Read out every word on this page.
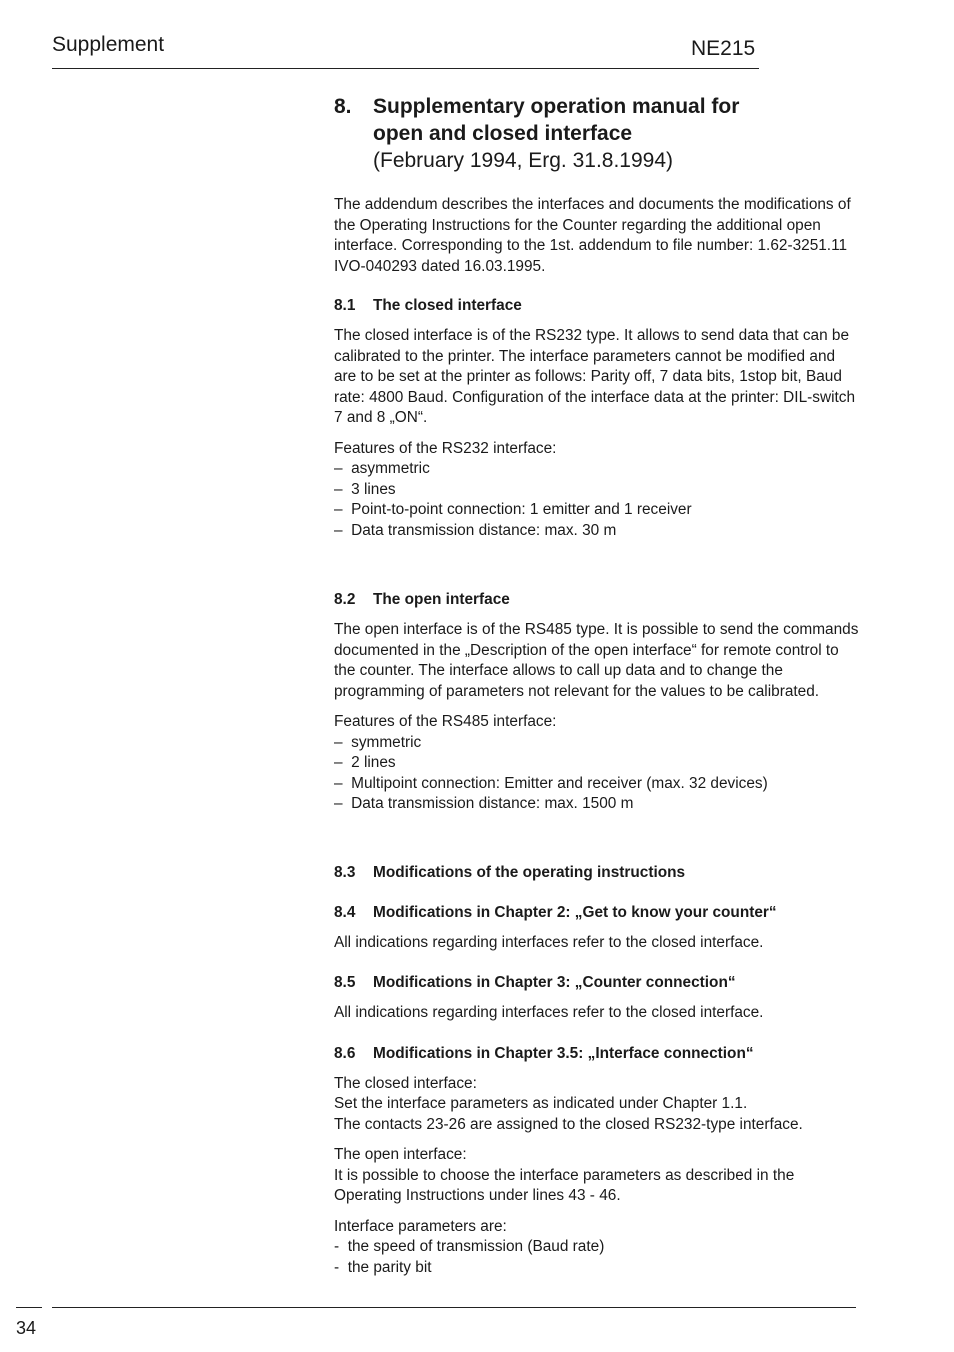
Supplement	NE215
8.	Supplementary operation manual for
open and closed interface
(February 1994, Erg. 31.8.1994)

The addendum describes the interfaces and documents the modifications of the Operating Instructions for the Counter regarding the additional open interface. Corresponding to the 1st. addendum to file number: 1.62-3251.11 IVO-040293 dated 16.03.1995.

8.1	The closed interface

The closed interface is of the RS232 type. It allows to send data that can be calibrated to the printer. The interface parameters cannot be modified and are to be set at the printer as follows: Parity off, 7 data bits, 1stop bit, Baud rate: 4800 Baud. Configuration of the interface data at the printer: DIL-switch 7 and 8 „ON“.

Features of the RS232 interface:

–  asymmetric
–  3 lines
–  Point-to-point connection: 1 emitter and 1 receiver
–  Data transmission distance: max. 30 m
8.2	The open interface

The open interface is of the RS485 type. It is possible to send the commands documented in the „Description of the open interface“ for remote control to the counter. The interface allows to call up data and to change the programming of parameters not relevant for the values to be calibrated.

Features of the RS485 interface:

–  symmetric
–  2 lines
–  Multipoint connection: Emitter and receiver (max. 32 devices)
–  Data transmission distance: max. 1500 m
8.3	Modifications of the operating instructions
8.4	Modifications in Chapter 2: „Get to know your counter“

All indications regarding interfaces refer to the closed interface.

8.5	Modifications in Chapter 3: „Counter connection“

All indications regarding interfaces refer to the closed interface.

8.6	Modifications in Chapter 3.5: „Interface connection“
The closed interface:
Set the interface parameters as indicated under Chapter 1.1.
The contacts 23-26 are assigned to the closed RS232-type interface.
The open interface:
It is possible to choose the interface parameters as described in the Operating Instructions under lines 43 - 46.

Interface parameters are:

-  the speed of transmission (Baud rate)
-  the parity bit
34
